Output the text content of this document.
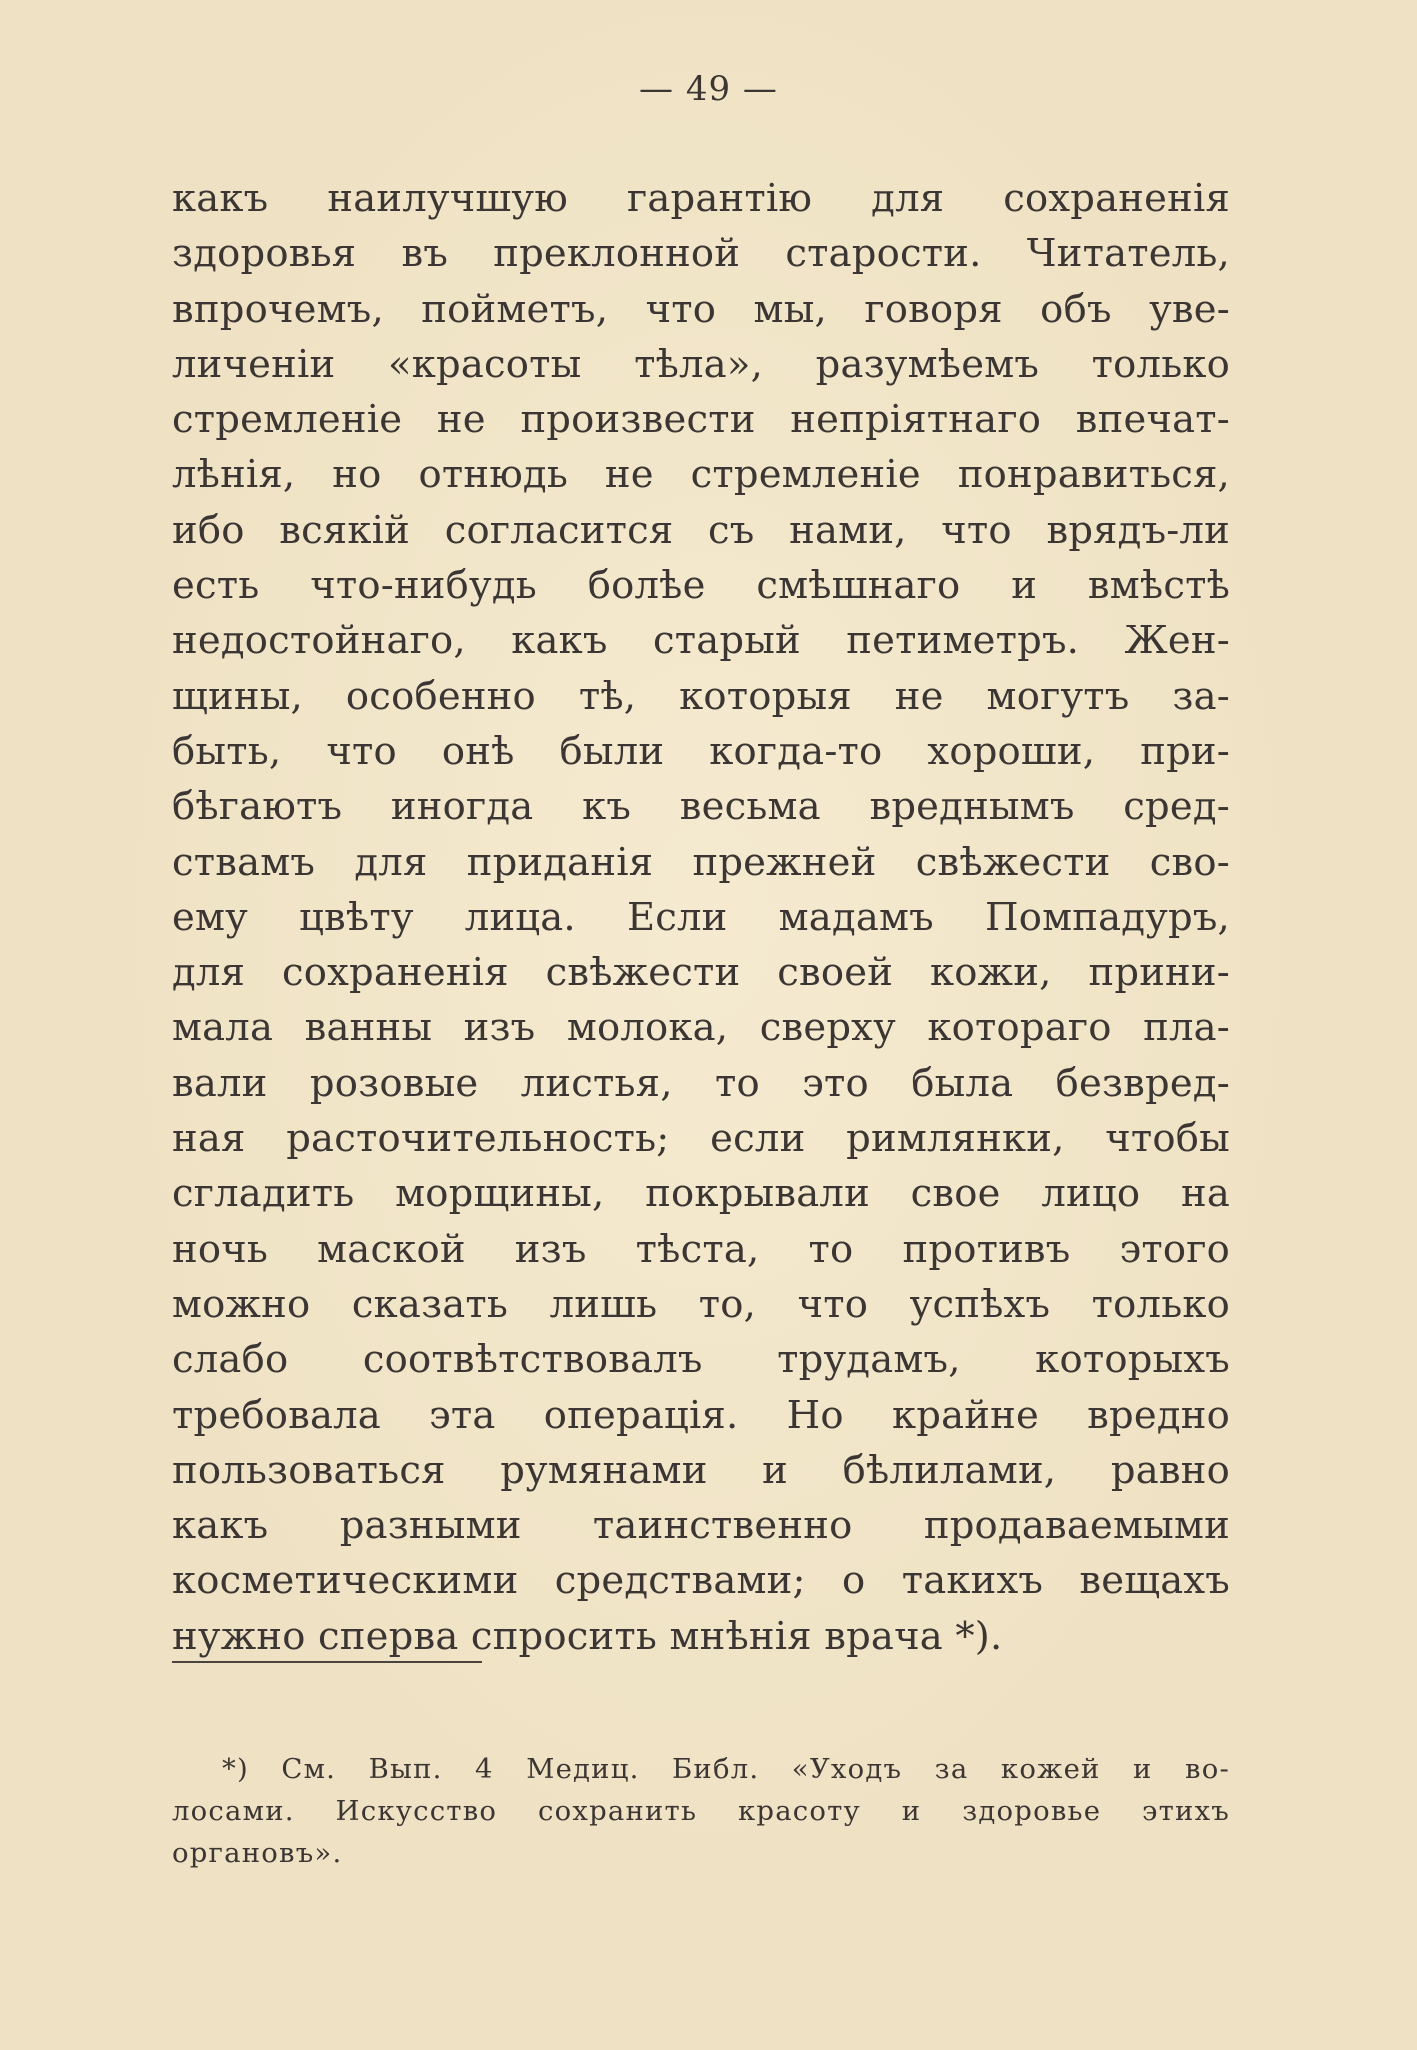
— 49 —
какъ наилучшую гарантію для сохраненія
здоровья въ преклонной старости. Читатель,
впрочемъ, пойметъ, что мы, говоря объ уве-
личеніи «красоты тѣла», разумѣемъ только
стремленіе не произвести непріятнаго впечат-
лѣнія, но отнюдь не стремленіе понравиться,
ибо всякій согласится съ нами, что врядъ-ли
есть что-нибудь болѣе смѣшнаго и вмѣстѣ
недостойнаго, какъ старый петиметръ. Жен-
щины, особенно тѣ, которыя не могутъ за-
быть, что онѣ были когда-то хороши, при-
бѣгаютъ иногда къ весьма вреднымъ сред-
ствамъ для приданія прежней свѣжести сво-
ему цвѣту лица. Если мадамъ Помпадуръ,
для сохраненія свѣжести своей кожи, прини-
мала ванны изъ молока, сверху котораго пла-
вали розовые листья, то это была безвред-
ная расточительность; если римлянки, чтобы
сгладить морщины, покрывали свое лицо на
ночь маской изъ тѣста, то противъ этого
можно сказать лишь то, что успѣхъ только
слабо соотвѣтствовалъ трудамъ, которыхъ
требовала эта операція. Но крайне вредно
пользоваться румянами и бѣлилами, равно
какъ разными таинственно продаваемыми
косметическими средствами; о такихъ вещахъ
нужно сперва спросить мнѣнія врача *).
*) См. Вып. 4 Медиц. Библ. «Уходъ за кожей и во-
лосами. Искусство сохранить красоту и здоровье этихъ
органовъ».
